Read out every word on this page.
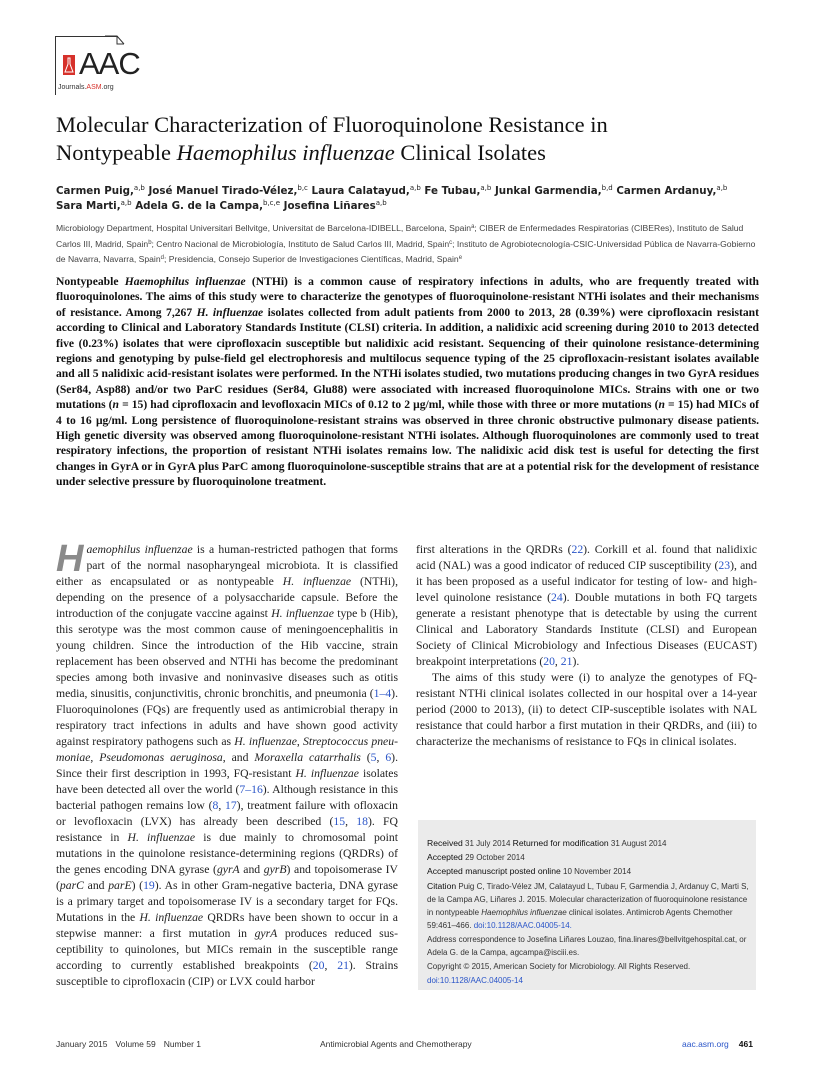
AAC
Journals.ASM.org
Molecular Characterization of Fluoroquinolone Resistance in
Nontypeable Haemophilus influenzae Clinical Isolates
Carmen Puig,$^{a,b}$ José Manuel Tirado-Vélez,$^{b,c}$ Laura Calatayud,$^{a,b}$ Fe Tubau,$^{a,b}$ Junkal Garmendia,$^{b,d}$ Carmen Ardanuy,$^{a,b}$
Sara Marti,$^{a,b}$ Adela G. de la Campa,$^{b,c,e}$ Josefina Liñares$^{a,b}$
Microbiology Department, Hospital Universitari Bellvitge, Universitat de Barcelona-IDIBELL, Barcelona, Spain$^a$; CIBER de Enfermedades Respiratorias (CIBERes), Instituto de Salud Carlos III, Madrid, Spain$^b$; Centro Nacional de Microbiología, Instituto de Salud Carlos III, Madrid, Spain$^c$; Instituto de Agrobiotecnología-CSIC-Universidad Pública de Navarra-Gobierno de Navarra, Navarra, Spain$^d$; Presidencia, Consejo Superior de Investigaciones Científicas, Madrid, Spain$^e$
Nontypeable Haemophilus influenzae (NTHi) is a common cause of respiratory infections in adults, who are frequently treated with fluoroquinolones. The aims of this study were to characterize the genotypes of fluoroquinolone-resistant NTHi isolates and their mechanisms of resistance. Among 7,267 H. influenzae isolates collected from adult patients from 2000 to 2013, 28 (0.39%) were ciprofloxacin resistant according to Clinical and Laboratory Standards Institute (CLSI) criteria. In addition, a nalidixic acid screening during 2010 to 2013 detected five (0.23%) isolates that were ciprofloxacin susceptible but nalidixic acid resistant. Sequencing of their quinolone resistance-determining regions and genotyping by pulse-field gel electrophoresis and multilocus sequence typing of the 25 ciprofloxacin-resistant isolates available and all 5 nalidixic acid-resistant isolates were performed. In the NTHi isolates studied, two mutations producing changes in two GyrA residues (Ser84, Asp88) and/or two ParC residues (Ser84, Glu88) were associated with increased fluoroquinolone MICs. Strains with one or two mutations (n = 15) had ciprofloxacin and levofloxacin MICs of 0.12 to 2 μg/ml, while those with three or more mutations (n = 15) had MICs of 4 to 16 μg/ml. Long persistence of fluoroquinolone-resistant strains was observed in three chronic obstructive pulmonary disease patients. High genetic diversity was observed among fluoroquinolone-resistant NTHi isolates. Although fluoroquinolones are commonly used to treat respiratory infections, the proportion of resistant NTHi isolates remains low. The nalidixic acid disk test is useful for detecting the first changes in GyrA or in GyrA plus ParC among fluoroquinolone-susceptible strains that are at a potential risk for the development of resistance under selective pressure by fluoroquinolone treatment.
Haemophilus influenzae is a human-restricted pathogen that forms part of the normal nasopharyngeal microbiota. It is classified either as encapsulated or as nontypeable H. influenzae (NTHi), depending on the presence of a polysaccharide capsule. Before the introduction of the conjugate vaccine against H. influenzae type b (Hib), this serotype was the most common cause of meningoencephalitis in young children. Since the introduction of the Hib vaccine, strain replacement has been observed and NTHi has become the predominant species among both invasive and noninvasive diseases such as otitis media, sinusitis, conjunctivitis, chronic bronchitis, and pneumonia (1–4). Fluoroquinolones (FQs) are frequently used as antimicrobial therapy in respiratory tract infections in adults and have shown good activity against respiratory pathogens such as H. influenzae, Streptococcus pneumoniae, Pseudomonas aeruginosa, and Moraxella catarrhalis (5, 6). Since their first description in 1993, FQ-resistant H. influenzae isolates have been detected all over the world (7–16). Although resistance in this bacterial pathogen remains low (8, 17), treatment failure with ofloxacin or levofloxacin (LVX) has already been described (15, 18). FQ resistance in H. influenzae is due mainly to chromosomal point mutations in the quinolone resistance-determining regions (QRDRs) of the genes encoding DNA gyrase (gyrA and gyrB) and topoisomerase IV (parC and parE) (19). As in other Gram-negative bacteria, DNA gyrase is a primary target and topoisomerase IV is a secondary target for FQs. Mutations in the H. influenzae QRDRs have been shown to occur in a stepwise manner: a first mutation in gyrA produces reduced susceptibility to quinolones, but MICs remain in the susceptible range according to currently established breakpoints (20, 21). Strains susceptible to ciprofloxacin (CIP) or LVX could harbor
first alterations in the QRDRs (22). Corkill et al. found that nalidixic acid (NAL) was a good indicator of reduced CIP susceptibility (23), and it has been proposed as a useful indicator for testing of low- and high-level quinolone resistance (24). Double mutations in both FQ targets generate a resistant phenotype that is detectable by using the current Clinical and Laboratory Standards Institute (CLSI) and European Society of Clinical Microbiology and Infectious Diseases (EUCAST) breakpoint interpretations (20, 21).
The aims of this study were (i) to analyze the genotypes of FQ-resistant NTHi clinical isolates collected in our hospital over a 14-year period (2000 to 2013), (ii) to detect CIP-susceptible isolates with NAL resistance that could harbor a first mutation in their QRDRs, and (iii) to characterize the mechanisms of resistance to FQs in clinical isolates.
Received 31 July 2014 Returned for modification 31 August 2014
Accepted 29 October 2014
Accepted manuscript posted online 10 November 2014
Citation Puig C, Tirado-Vélez JM, Calatayud L, Tubau F, Garmendia J, Ardanuy C, Marti S, de la Campa AG, Liñares J. 2015. Molecular characterization of fluoroquinolone resistance in nontypeable Haemophilus influenzae clinical isolates. Antimicrob Agents Chemother 59:461–466. doi:10.1128/AAC.04005-14.
Address correspondence to Josefina Liñares Louzao, fina.linares@bellvitgehospital.cat, or Adela G. de la Campa, agcampa@isciii.es.
Copyright © 2015, American Society for Microbiology. All Rights Reserved.
doi:10.1128/AAC.04005-14
January 2015 Volume 59 Number 1	Antimicrobial Agents and Chemotherapy	aac.asm.org 461
